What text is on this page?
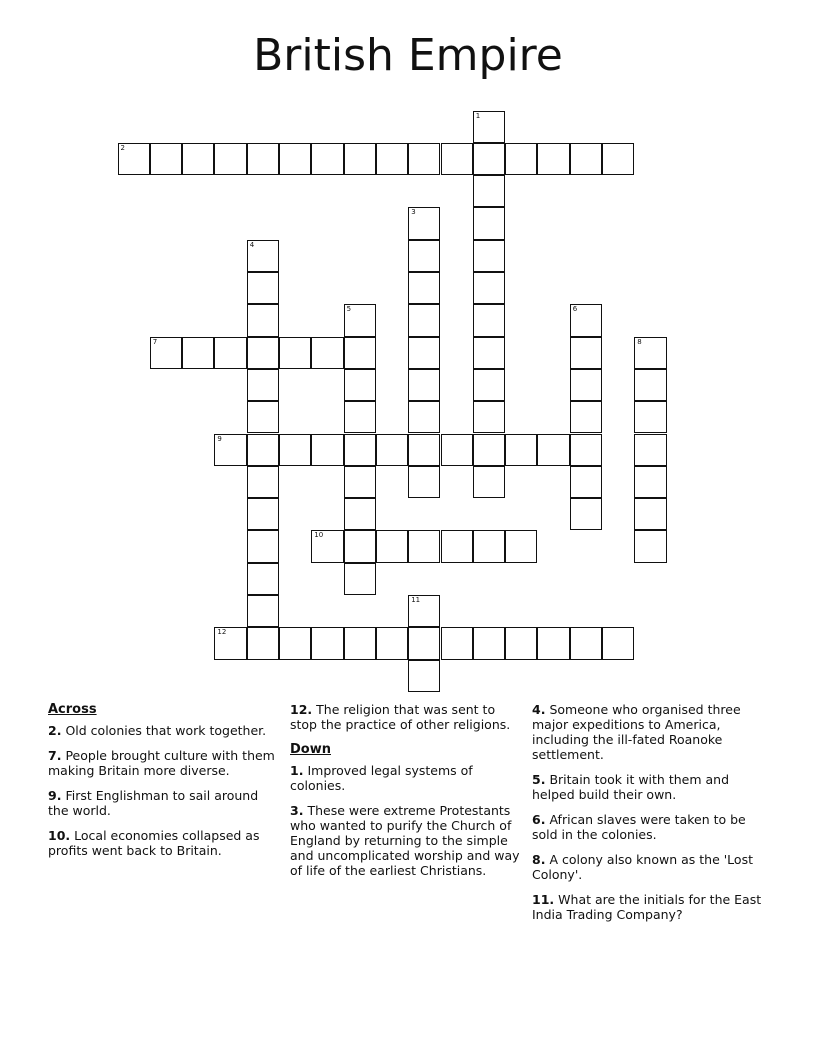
British Empire
1
2
3
4
5	6
7	8
9
10
11
12
Across

2. Old colonies that work together.

7. People brought culture with them making Britain more diverse.

9. First Englishman to sail around the world.

10. Local economies collapsed as profits went back to Britain.

12. The religion that was sent to stop the practice of other religions.

Down

1. Improved legal systems of colonies.

3. These were extreme Protestants who wanted to purify the Church of England by returning to the simple and uncomplicated worship and way of life of the earliest Christians.

4. Someone who organised three major expeditions to America, including the ill-fated Roanoke settlement.

5. Britain took it with them and helped build their own.

6. African slaves were taken to be sold in the colonies.

8. A colony also known as the 'Lost Colony'.

11. What are the initials for the East India Trading Company?
